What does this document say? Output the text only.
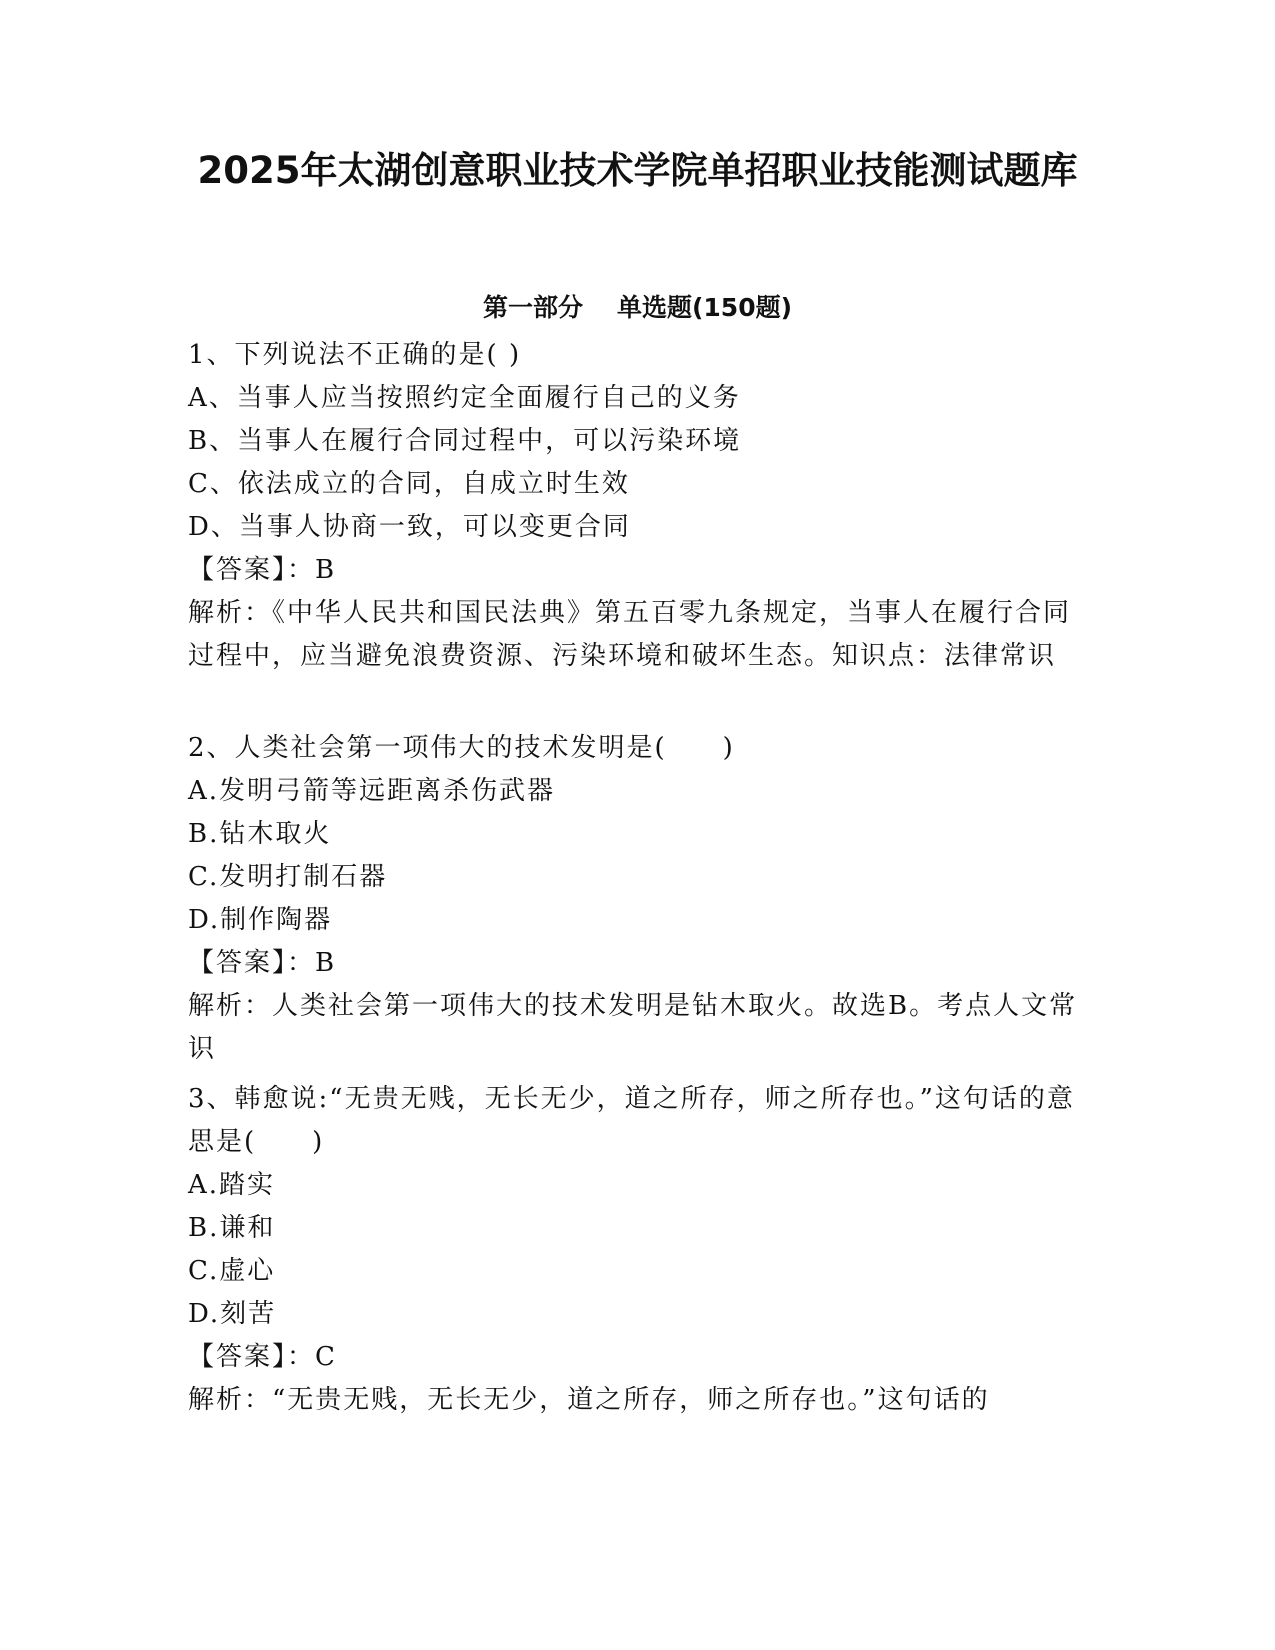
2025年太湖创意职业技术学院单招职业技能测试题库
第一部分 单选题(150题)
1、下列说法不正确的是( )
A、当事人应当按照约定全面履行自己的义务
B、当事人在履行合同过程中，可以污染环境
C、依法成立的合同，自成立时生效
D、当事人协商一致，可以变更合同
【答案】：B
解析：《中华人民共和国民法典》第五百零九条规定，当事人在履行合同过程中，应当避免浪费资源、污染环境和破坏生态。知识点：法律常识
2、人类社会第一项伟大的技术发明是(　　)
A.发明弓箭等远距离杀伤武器
B.钻木取火
C.发明打制石器
D.制作陶器
【答案】：B
解析：人类社会第一项伟大的技术发明是钻木取火。故选B。考点人文常识
3、韩愈说:“无贵无贱，无长无少，道之所存，师之所存也。”这句话的意思是(　　)
A.踏实
B.谦和
C.虚心
D.刻苦
【答案】：C
解析：“无贵无贱，无长无少，道之所存，师之所存也。”这句话的
